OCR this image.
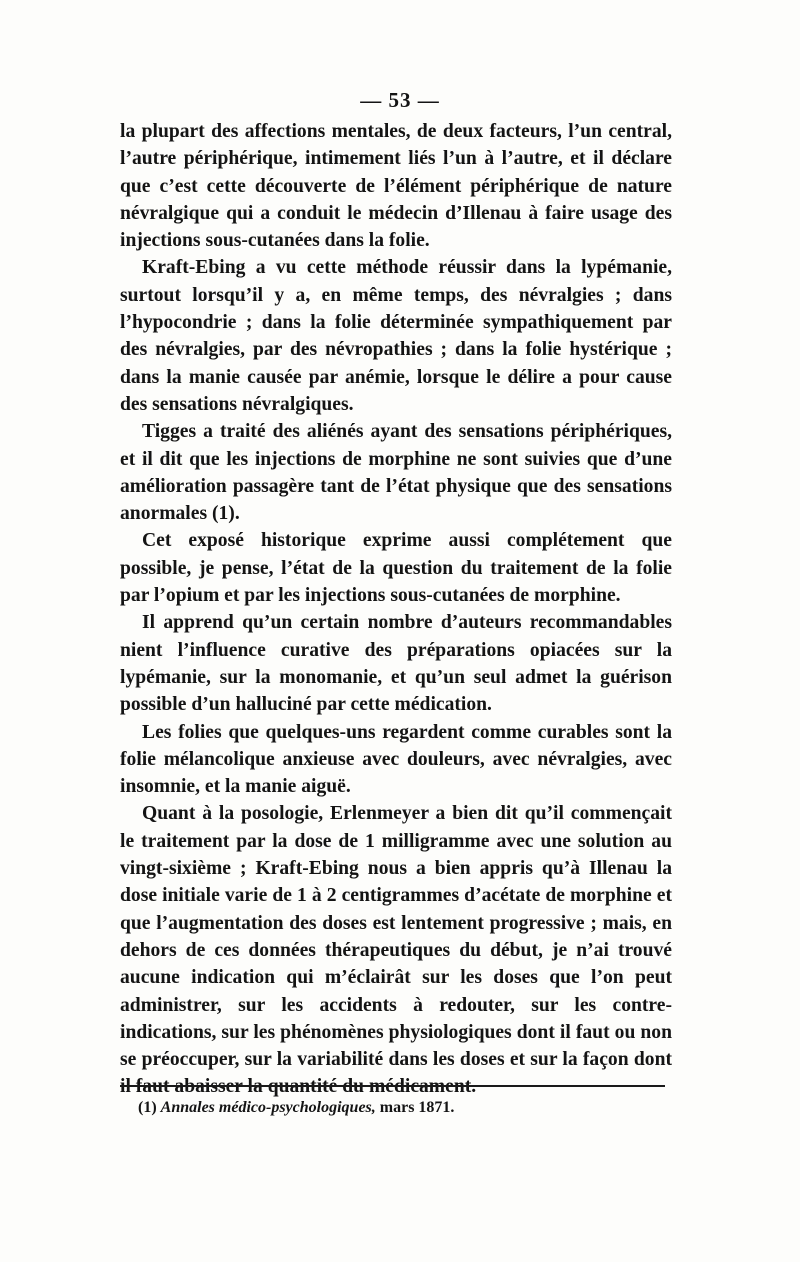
— 53 —

la plupart des affections mentales, de deux facteurs, l’un central, l’autre périphérique, intimement liés l’un à l’autre, et il déclare que c’est cette découverte de l’élément périphérique de nature névralgique qui a conduit le médecin d’Illenau à faire usage des injections sous-cutanées dans la folie.

Kraft-Ebing a vu cette méthode réussir dans la lypémanie, surtout lorsqu’il y a, en même temps, des névralgies ; dans l’hypocondrie ; dans la folie déterminée sympathiquement par des névralgies, par des névropathies ; dans la folie hystérique ; dans la manie causée par anémie, lorsque le délire a pour cause des sensations névralgiques.

Tigges a traité des aliénés ayant des sensations périphériques, et il dit que les injections de morphine ne sont suivies que d’une amélioration passagère tant de l’état physique que des sensations anormales (1).

Cet exposé historique exprime aussi complétement que possible, je pense, l’état de la question du traitement de la folie par l’opium et par les injections sous-cutanées de morphine.

Il apprend qu’un certain nombre d’auteurs recommandables nient l’influence curative des préparations opiacées sur la lypémanie, sur la monomanie, et qu’un seul admet la guérison possible d’un halluciné par cette médication.

Les folies que quelques-uns regardent comme curables sont la folie mélancolique anxieuse avec douleurs, avec névralgies, avec insomnie, et la manie aiguë.

Quant à la posologie, Erlenmeyer a bien dit qu’il commençait le traitement par la dose de 1 milligramme avec une solution au vingt-sixième ; Kraft-Ebing nous a bien appris qu’à Illenau la dose initiale varie de 1 à 2 centigrammes d’acétate de morphine et que l’augmentation des doses est lentement progressive ; mais, en dehors de ces données thérapeutiques du début, je n’ai trouvé aucune indication qui m’éclairât sur les doses que l’on peut administrer, sur les accidents à redouter, sur les contre-indications, sur les phénomènes physiologiques dont il faut ou non se préoccuper, sur la variabilité dans les doses et sur la façon dont il faut abaisser la quantité du médicament.

(1) Annales médico-psychologiques, mars 1871.
